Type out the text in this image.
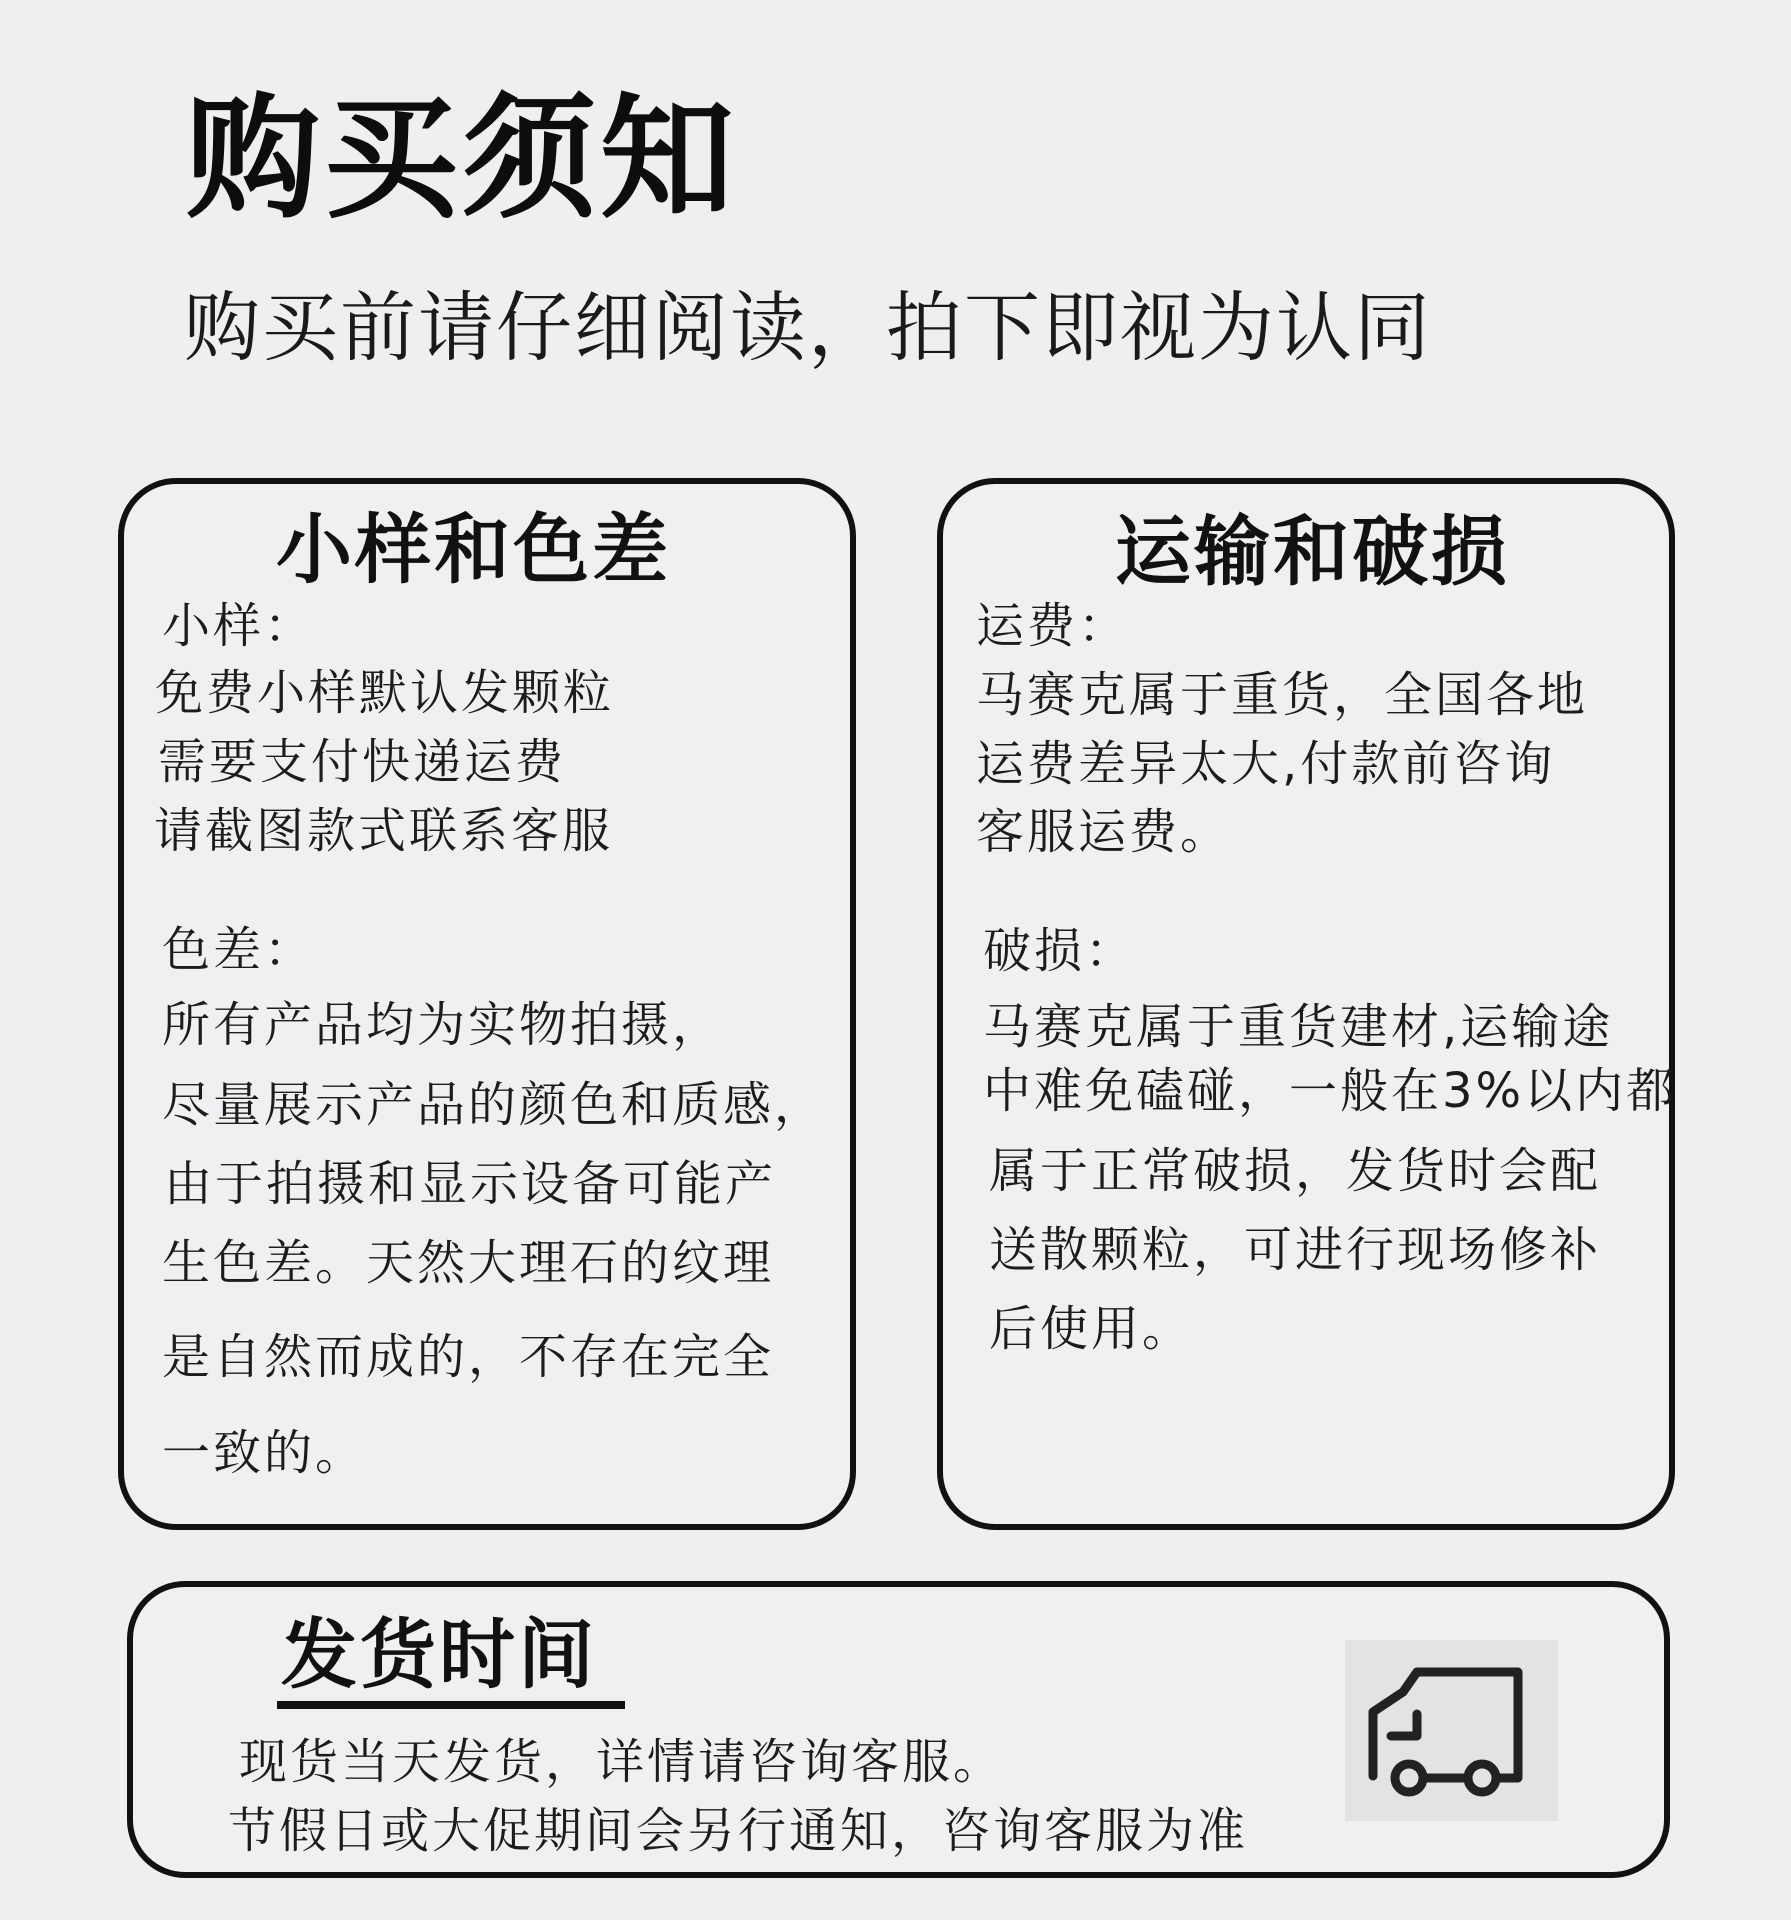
购买须知
购买前请仔细阅读，拍下即视为认同
小样和色差
小样：
免费小样默认发颗粒
需要支付快递运费
请截图款式联系客服
色差：
所有产品均为实物拍摄，
尽量展示产品的颜色和质感，
由于拍摄和显示设备可能产
生色差。天然大理石的纹理
是自然而成的，不存在完全
一致的。
运输和破损
运费：
马赛克属于重货，全国各地
运费差异太大,付款前咨询
客服运费。
破损：
马赛克属于重货建材,运输途
中难免磕碰，一般在3%以内都
属于正常破损，发货时会配
送散颗粒，可进行现场修补
后使用。
发货时间
现货当天发货，详情请咨询客服。
节假日或大促期间会另行通知，咨询客服为准
